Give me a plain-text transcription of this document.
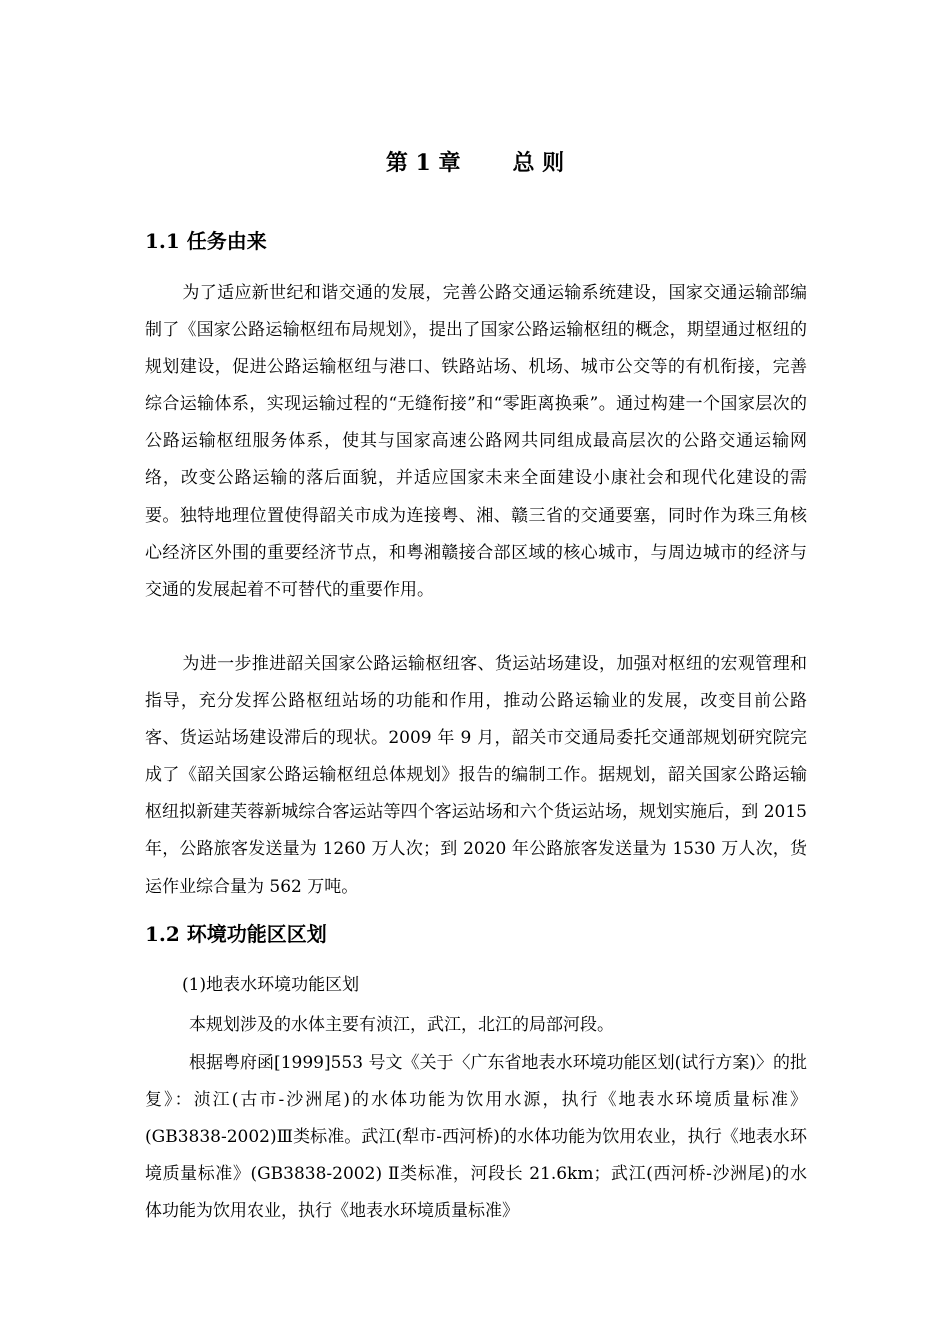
第 1 章 总 则
1.1 任务由来

为了适应新世纪和谐交通的发展，完善公路交通运输系统建设，国家交通运输部编制了《国家公路运输枢纽布局规划》，提出了国家公路运输枢纽的概念，期望通过枢纽的规划建设，促进公路运输枢纽与港口、铁路站场、机场、城市公交等的有机衔接，完善综合运输体系，实现运输过程的“无缝衔接”和“零距离换乘”。通过构建一个国家层次的公路运输枢纽服务体系，使其与国家高速公路网共同组成最高层次的公路交通运输网络，改变公路运输的落后面貌，并适应国家未来全面建设小康社会和现代化建设的需要。独特地理位置使得韶关市成为连接粤、湘、赣三省的交通要塞，同时作为珠三角核心经济区外围的重要经济节点，和粤湘赣接合部区域的核心城市，与周边城市的经济与交通的发展起着不可替代的重要作用。

为进一步推进韶关国家公路运输枢纽客、货运站场建设，加强对枢纽的宏观管理和指导，充分发挥公路枢纽站场的功能和作用，推动公路运输业的发展，改变目前公路客、货运站场建设滞后的现状。2009 年 9 月，韶关市交通局委托交通部规划研究院完成了《韶关国家公路运输枢纽总体规划》报告的编制工作。据规划，韶关国家公路运输枢纽拟新建芙蓉新城综合客运站等四个客运站场和六个货运站场，规划实施后，到 2015 年，公路旅客发送量为 1260 万人次；到 2020 年公路旅客发送量为 1530 万人次，货运作业综合量为 562 万吨。

1.2 环境功能区区划

(1)地表水环境功能区划

本规划涉及的水体主要有浈江，武江，北江的局部河段。

根据粤府函[1999]553 号文《关于〈广东省地表水环境功能区划(试行方案)〉的批复》：浈江(古市-沙洲尾)的水体功能为饮用水源，执行《地表水环境质量标准》(GB3838-2002)Ⅲ类标准。武江(犁市-西河桥)的水体功能为饮用农业，执行《地表水环境质量标准》(GB3838-2002) Ⅱ类标准，河段长 21.6km；武江(西河桥-沙洲尾)的水体功能为饮用农业，执行《地表水环境质量标准》
